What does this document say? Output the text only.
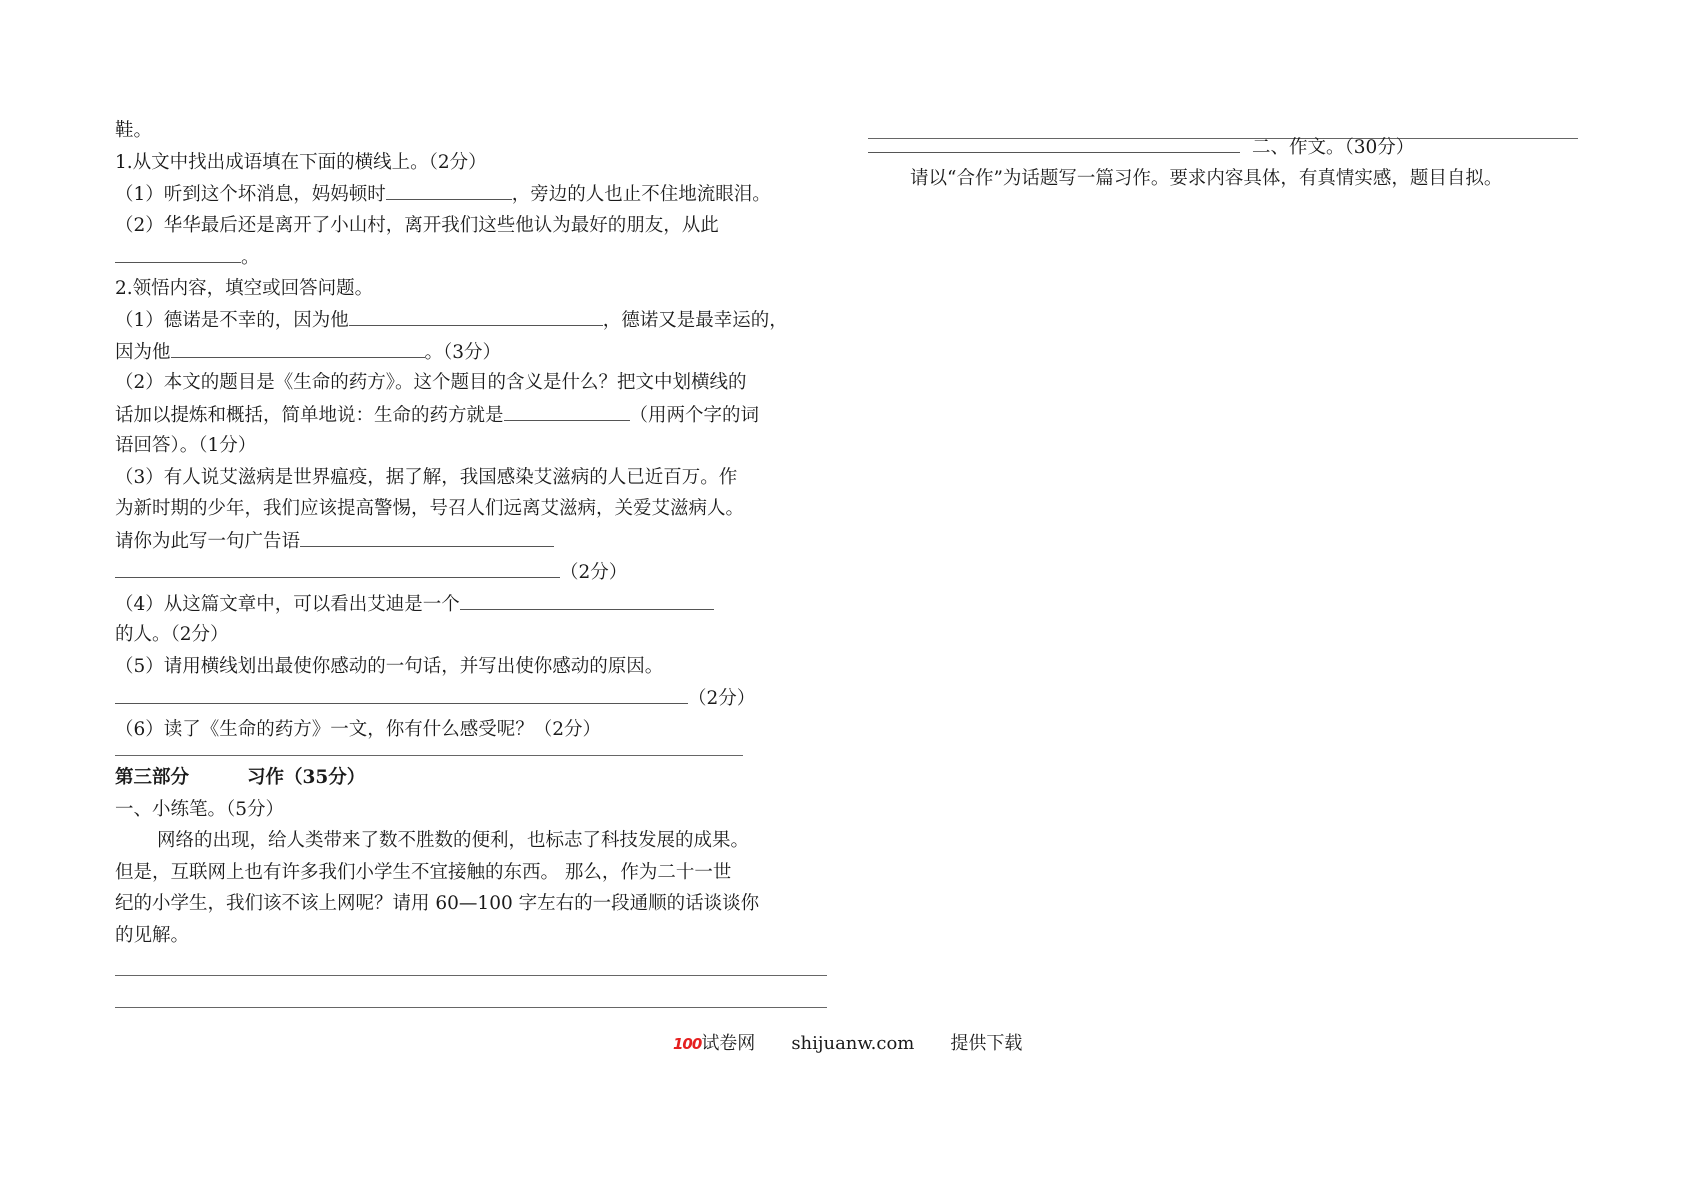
鞋。
1.从文中找出成语填在下面的横线上。（2分）
（1）听到这个坏消息，妈妈顿时	，旁边的人也止不住地流眼泪。
（2）华华最后还是离开了小山村，离开我们这些他认为最好的朋友，从此
。
2.领悟内容，填空或回答问题。
（1）德诺是不幸的，因为他	，德诺又是最幸运的，
因为他	。（3分）
（2）本文的题目是《生命的药方》。这个题目的含义是什么？把文中划横线的
话加以提炼和概括，简单地说：生命的药方就是	（用两个字的词
语回答）。（1分）
（3）有人说艾滋病是世界瘟疫，据了解，我国感染艾滋病的人已近百万。作
为新时期的少年，我们应该提高警惕，号召人们远离艾滋病，关爱艾滋病人。
请你为此写一句广告语
（2分）
（4）从这篇文章中，可以看出艾迪是一个
的人。（2分）
（5）请用横线划出最使你感动的一句话，并写出使你感动的原因。
（2分）
（6）读了《生命的药方》一文，你有什么感受呢？（2分）
第三部分	习作（35分）
一、小练笔。（5分）
网络的出现，给人类带来了数不胜数的便利，也标志了科技发展的成果。
但是，互联网上也有许多我们小学生不宜接触的东西。 那么，作为二十一世
纪的小学生，我们该不该上网呢？请用 60—100 字左右的一段通顺的话谈谈你
的见解。
二、作文。（30分）
请以“合作”为话题写一篇习作。要求内容具体，有真情实感，题目自拟。
100试卷网 shijuanw.com 提供下载
